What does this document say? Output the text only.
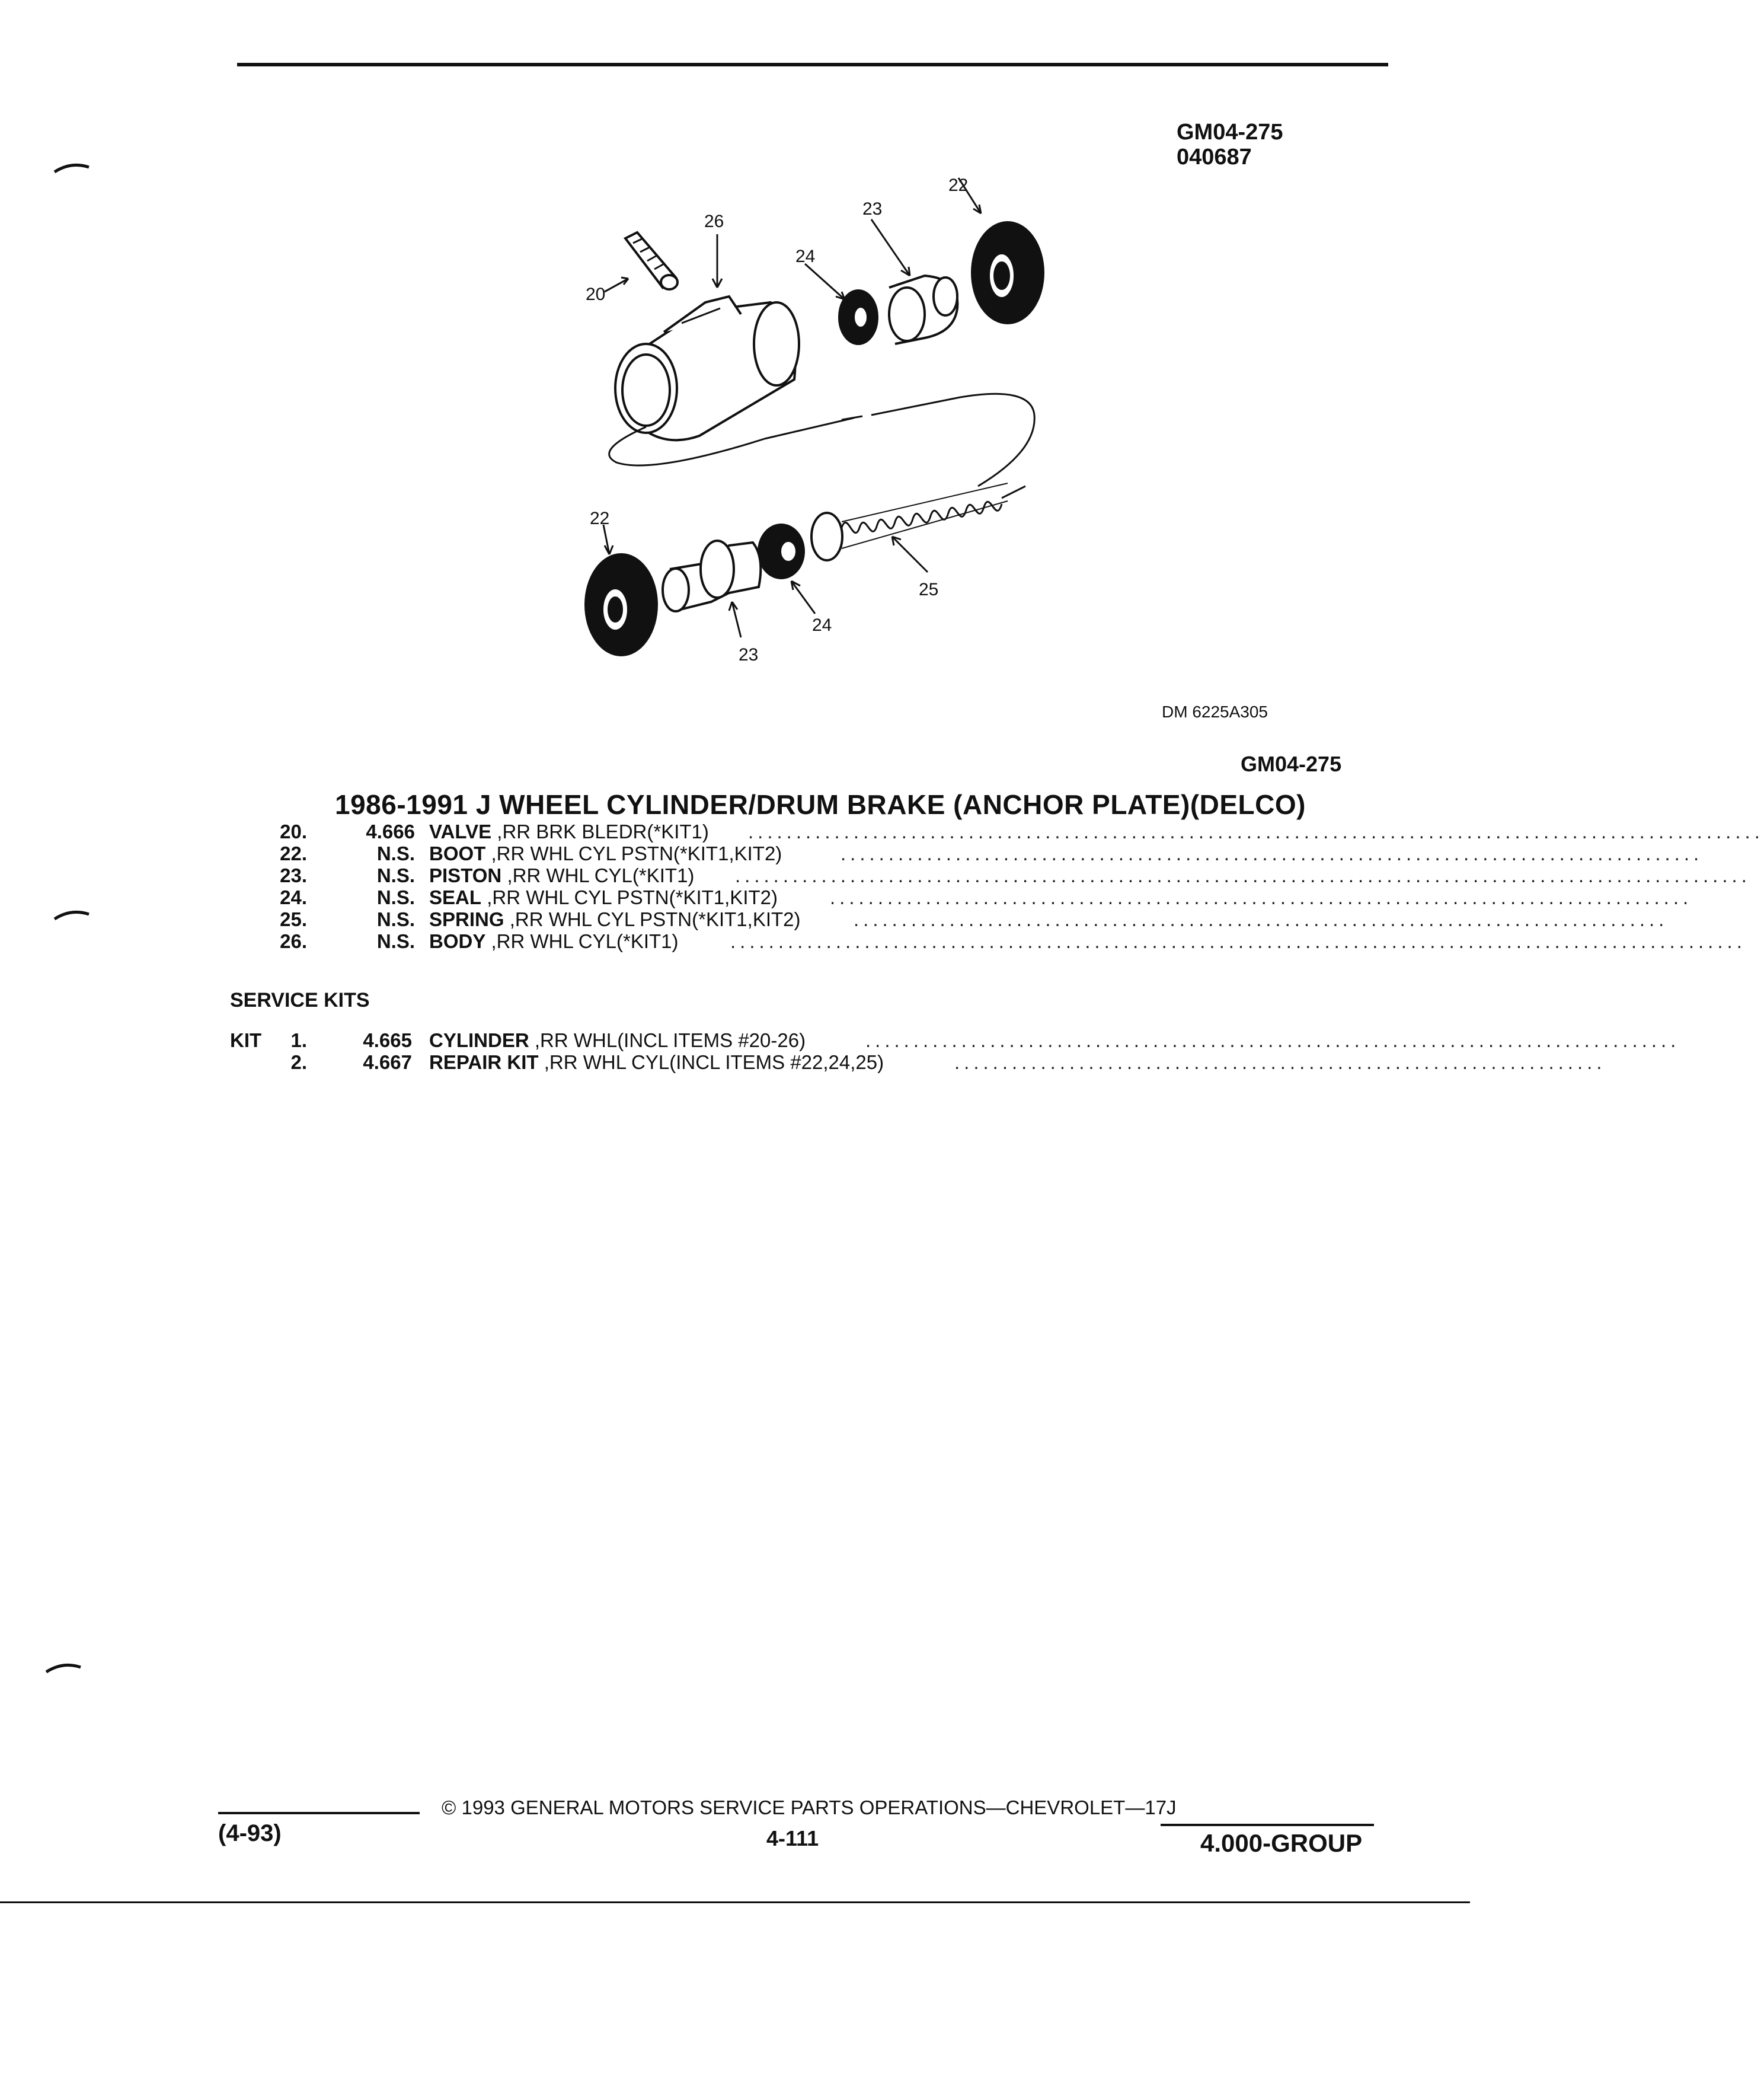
GM04-275
040687
20
26
24
23
22
22
23
24
25
DM 6225A305
GM04-275
1986-1991 J WHEEL CYLINDER/DRUM BRAKE (ANCHOR PLATE)(DELCO)
20.	4.666 VALVE ,RR BRK BLEDR(*KIT1) ..........................................................................................................
22.	N.S. BOOT ,RR WHL CYL PSTN(*KIT1,KIT2)	..........................................................................................
23.	N.S. PISTON ,RR WHL CYL(*KIT1) ..........................................................................................................
24.	N.S. SEAL ,RR WHL CYL PSTN(*KIT1,KIT2)	..........................................................................................
25.	N.S. SPRING ,RR WHL CYL PSTN(*KIT1,KIT2)	.....................................................................................
26.	N.S. BODY ,RR WHL CYL(*KIT1)	..........................................................................................................
SERVICE KITS
KIT	1.	4.665 CYLINDER ,RR WHL(INCL ITEMS #20-26)	.....................................................................................
2.	4.667 REPAIR KIT ,RR WHL CYL(INCL ITEMS #22,24,25)	....................................................................
© 1993 GENERAL MOTORS SERVICE PARTS OPERATIONS—CHEVROLET—17J
(4-93)	4-111	4.000-GROUP
